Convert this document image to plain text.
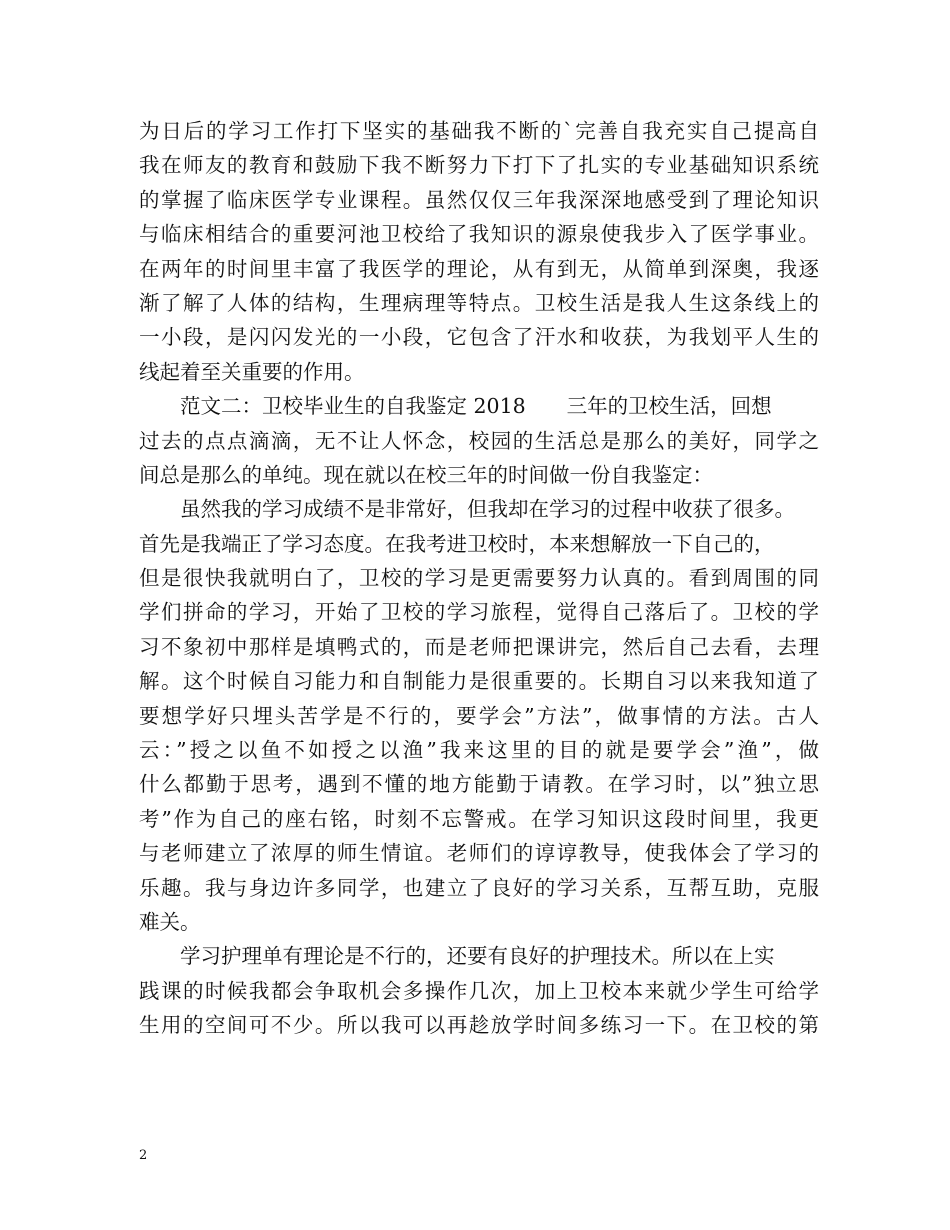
为日后的学习工作打下坚实的基础我不断的`完善自我充实自己提高自
我在师友的教育和鼓励下我不断努力下打下了扎实的专业基础知识系统
的掌握了临床医学专业课程。虽然仅仅三年我深深地感受到了理论知识
与临床相结合的重要河池卫校给了我知识的源泉使我步入了医学事业。
在两年的时间里丰富了我医学的理论，从有到无，从简单到深奥，我逐
渐了解了人体的结构，生理病理等特点。卫校生活是我人生这条线上的
一小段，是闪闪发光的一小段，它包含了汗水和收获，为我划平人生的
线起着至关重要的作用。
范文二：卫校毕业生的自我鉴定 2018　　三年的卫校生活，回想
过去的点点滴滴，无不让人怀念，校园的生活总是那么的美好，同学之
间总是那么的单纯。现在就以在校三年的时间做一份自我鉴定：
虽然我的学习成绩不是非常好，但我却在学习的过程中收获了很多。
首先是我端正了学习态度。在我考进卫校时，本来想解放一下自己的，
但是很快我就明白了，卫校的学习是更需要努力认真的。看到周围的同
学们拼命的学习，开始了卫校的学习旅程，觉得自己落后了。卫校的学
习不象初中那样是填鸭式的，而是老师把课讲完，然后自己去看，去理
解。这个时候自习能力和自制能力是很重要的。长期自习以来我知道了
要想学好只埋头苦学是不行的，要学会”方法”，做事情的方法。古人
云：”授之以鱼不如授之以渔”我来这里的目的就是要学会”渔”，做
什么都勤于思考，遇到不懂的地方能勤于请教。在学习时，以”独立思
考”作为自己的座右铭，时刻不忘警戒。在学习知识这段时间里，我更
与老师建立了浓厚的师生情谊。老师们的谆谆教导，使我体会了学习的
乐趣。我与身边许多同学，也建立了良好的学习关系，互帮互助，克服
难关。
学习护理单有理论是不行的，还要有良好的护理技术。所以在上实
践课的时候我都会争取机会多操作几次，加上卫校本来就少学生可给学
生用的空间可不少。所以我可以再趁放学时间多练习一下。在卫校的第
2
